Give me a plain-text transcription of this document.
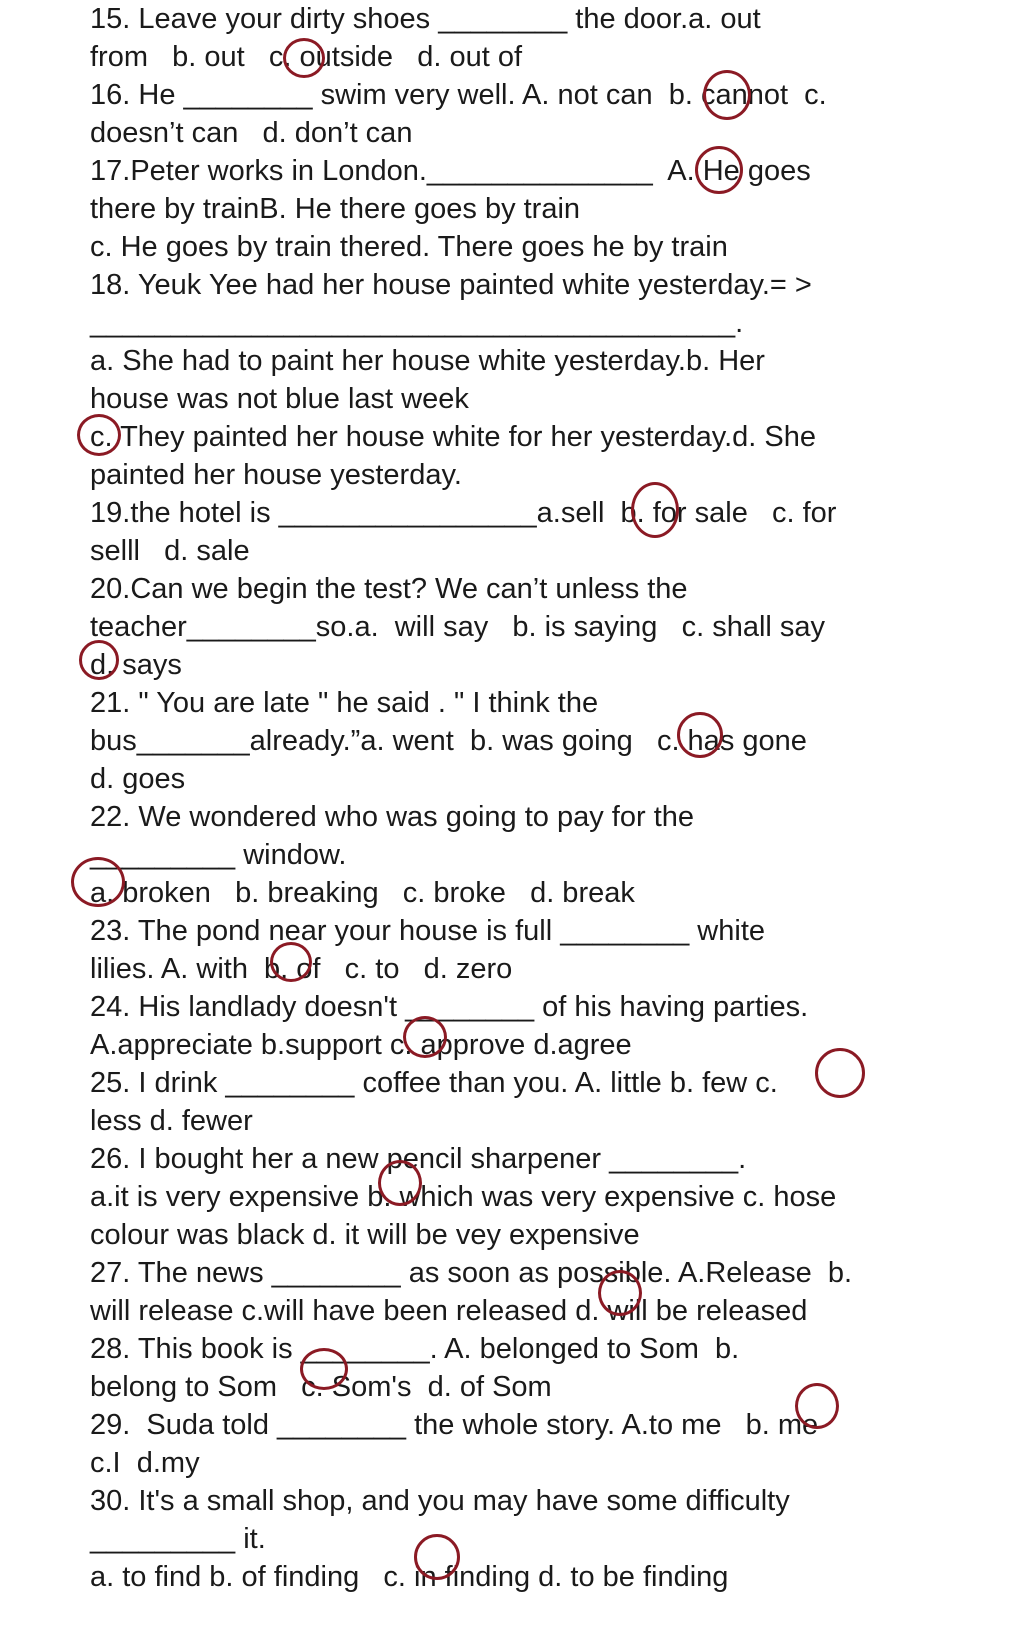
15. Leave your dirty shoes ________ the door.a. out
from   b. out   c. outside   d. out of
16. He ________ swim very well. A. not can  b. cannot  c.
doesn’t can   d. don’t can
17.Peter works in London.______________  A. He goes
there by trainB. He there goes by train
c. He goes by train thered. There goes he by train
18. Yeuk Yee had her house painted white yesterday.= >
________________________________________.
a. She had to paint her house white yesterday.b. Her
house was not blue last week
c. They painted her house white for her yesterday.d. She
painted her house yesterday.
19.the hotel is ________________a.sell  b. for sale   c. for
selll   d. sale
20.Can we begin the test? We can’t unless the
teacher________so.a.  will say   b. is saying   c. shall say
d. says
21. " You are late " he said . " I think the
bus_______already.”a. went  b. was going   c. has gone
d. goes
22. We wondered who was going to pay for the
_________ window.
a. broken   b. breaking   c. broke   d. break
23. The pond near your house is full ________ white
lilies. A. with  b. of   c. to   d. zero
24. His landlady doesn't ________ of his having parties.
A.appreciate b.support c. approve d.agree
25. I drink ________ coffee than you. A. little b. few c.
less d. fewer
26. I bought her a new pencil sharpener ________.
a.it is very expensive b. which was very expensive c. hose
colour was black d. it will be vey expensive
27. The news ________ as soon as possible. A.Release  b.
will release c.will have been released d. will be released
28. This book is ________. A. belonged to Som  b.
belong to Som   c. Som's  d. of Som
29.  Suda told ________ the whole story. A.to me   b. me
c.I  d.my
30. It's a small shop, and you may have some difficulty
_________ it.
a. to find b. of finding   c. in finding d. to be finding
